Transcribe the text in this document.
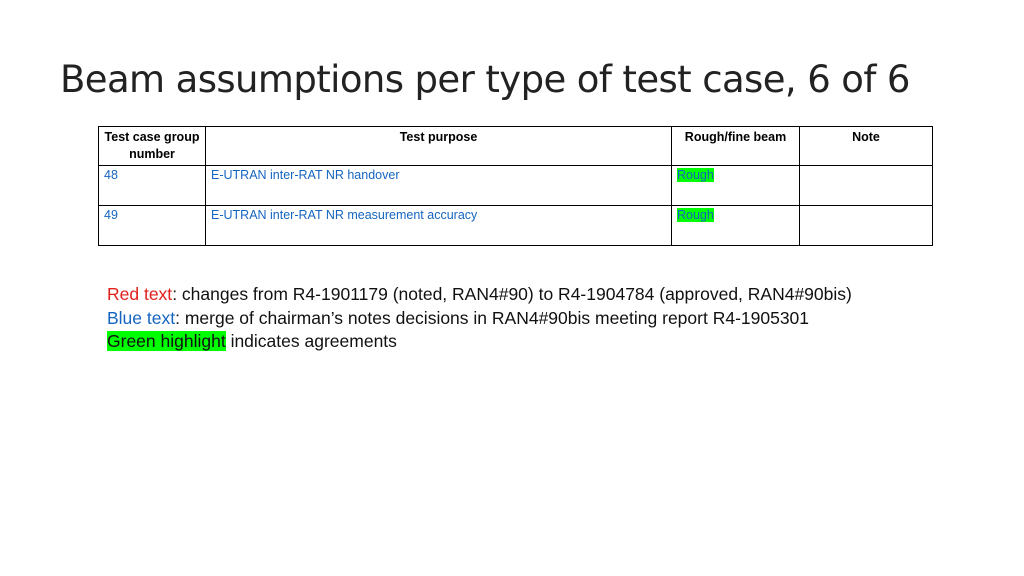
Beam assumptions per type of test case, 6 of 6
Test case group number	Test purpose	Rough/fine beam	Note
48	E-UTRAN inter-RAT NR handover	Rough	
49	E-UTRAN inter-RAT NR measurement accuracy	Rough	
Red text: changes from R4-1901179 (noted, RAN4#90) to R4-1904784 (approved, RAN4#90bis)
Blue text: merge of chairman’s notes decisions in RAN4#90bis meeting report R4-1905301
Green highlight indicates agreements
